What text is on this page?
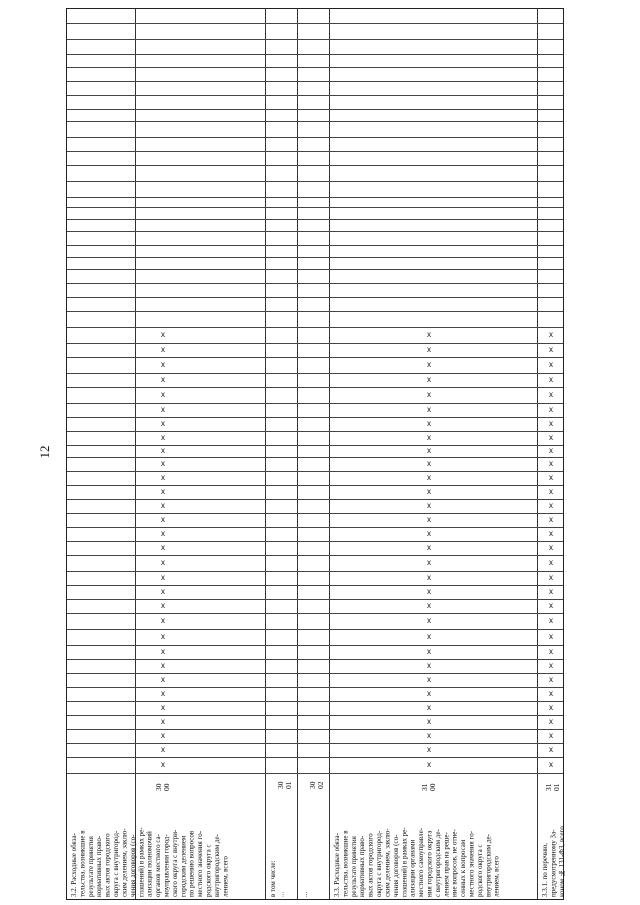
12
x
x
x
x
x
x
x
x
x
x
x
x
x
x
x
x
x
x
x
x
x
x
x
x
x
x
x
x
x
x
x
x
x
x
x
x
x
x
x
x
x
x
x
x
x
x
x
x
x
x
x
x
x
x
x
x
x
x
x
x
x
x
x
x
x
x
x
x
x
x
x
x
x
x
x
x
x
x
x
x
x
x
x
x
x
x
x
x
x
x
x
x
x
3.2. Расходные обяза-
тельства, возникшие в
результате принятия
нормативных право-
вых актов городского
округа с внутригород-
ским делением, заклю-
чения договоров (со-
глашений) в рамках ре-
ализации полномочий
органов местного са-
моуправления город-
ского округа с внутри-
городским делением
по решению вопросов
местного значения го-
родского округа с
внутригородским де-
лением, всего
30
00
в том числе:
...
30
01
...
30
02
3.3. Расходные обяза-
тельства, возникшие в
результате принятия
нормативных право-
вых актов городского
округа с внутригород-
ским делением, заклю-
чения договоров (со-
глашений) в рамках ре-
ализации органами
местного самоуправле-
ния городского округа
с внутригородским де-
лением прав на реше-
ние вопросов, не отне-
сенных к вопросам
местного значения го-
родского округа с
внутригородским де-
лением, всего
31
00
3.3.1. по перечню,
предусмотренному За-
коном № 131-ФЗ, всего
31
01
